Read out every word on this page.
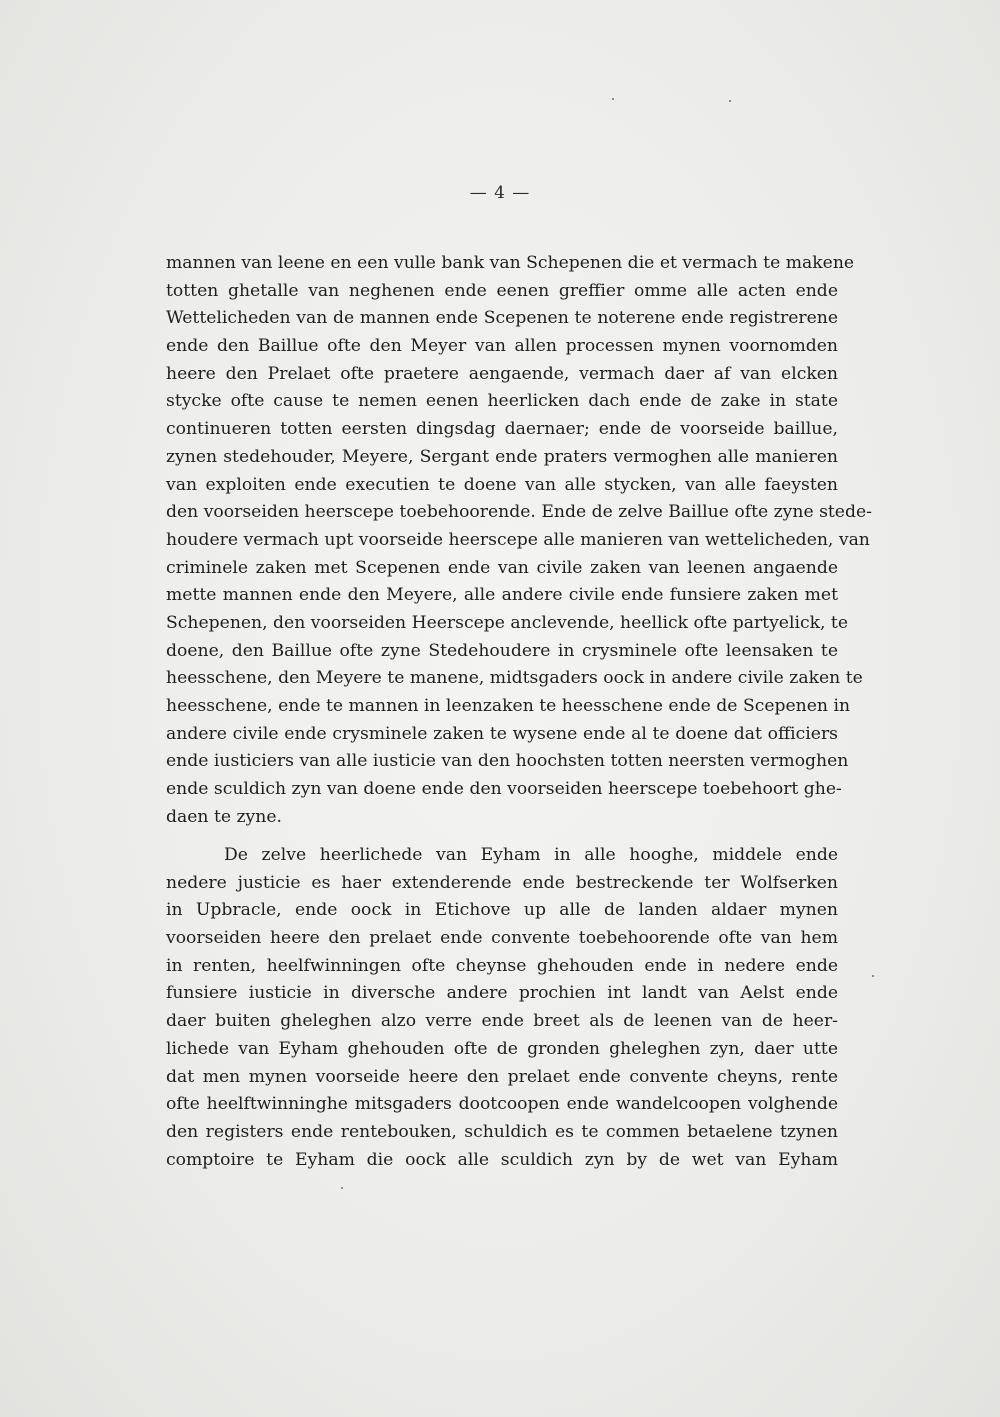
— 4 —
mannen van leene en een vulle bank van Schepenen die et vermach te makene
totten ghetalle van neghenen ende eenen greffier omme alle acten ende
Wettelicheden van de mannen ende Scepenen te noterene ende registrerene
ende den Baillue ofte den Meyer van allen processen mynen voornomden
heere den Prelaet ofte praetere aengaende, vermach daer af van elcken
stycke ofte cause te nemen eenen heerlicken dach ende de zake in state
continueren totten eersten dingsdag daernaer; ende de voorseide baillue,
zynen stedehouder, Meyere, Sergant ende praters vermoghen alle manieren
van exploiten ende executien te doene van alle stycken, van alle faeysten
den voorseiden heerscepe toebehoorende. Ende de zelve Baillue ofte zyne stede-
houdere vermach upt voorseide heerscepe alle manieren van wettelicheden, van
criminele zaken met Scepenen ende van civile zaken van leenen angaende
mette mannen ende den Meyere, alle andere civile ende funsiere zaken met
Schepenen, den voorseiden Heerscepe anclevende, heellick ofte partyelick, te
doene, den Baillue ofte zyne Stedehoudere in crysminele ofte leensaken te
heesschene, den Meyere te manene, midtsgaders oock in andere civile zaken te
heesschene, ende te mannen in leenzaken te heesschene ende de Scepenen in
andere civile ende crysminele zaken te wysene ende al te doene dat officiers
ende iusticiers van alle iusticie van den hoochsten totten neersten vermoghen
ende sculdich zyn van doene ende den voorseiden heerscepe toebehoort ghe-
daen te zyne.
De zelve heerlichede van Eyham in alle hooghe, middele ende
nedere justicie es haer extenderende ende bestreckende ter Wolfserken
in Upbracle, ende oock in Etichove up alle de landen aldaer mynen
voorseiden heere den prelaet ende convente toebehoorende ofte van hem
in renten, heelfwinningen ofte cheynse ghehouden ende in nedere ende
funsiere iusticie in diversche andere prochien int landt van Aelst ende
daer buiten gheleghen alzo verre ende breet als de leenen van de heer-
lichede van Eyham ghehouden ofte de gronden gheleghen zyn, daer utte
dat men mynen voorseide heere den prelaet ende convente cheyns, rente
ofte heelftwinninghe mitsgaders dootcoopen ende wandelcoopen volghende
den registers ende rentebouken, schuldich es te commen betaelene tzynen
comptoire te Eyham die oock alle sculdich zyn by de wet van Eyham
